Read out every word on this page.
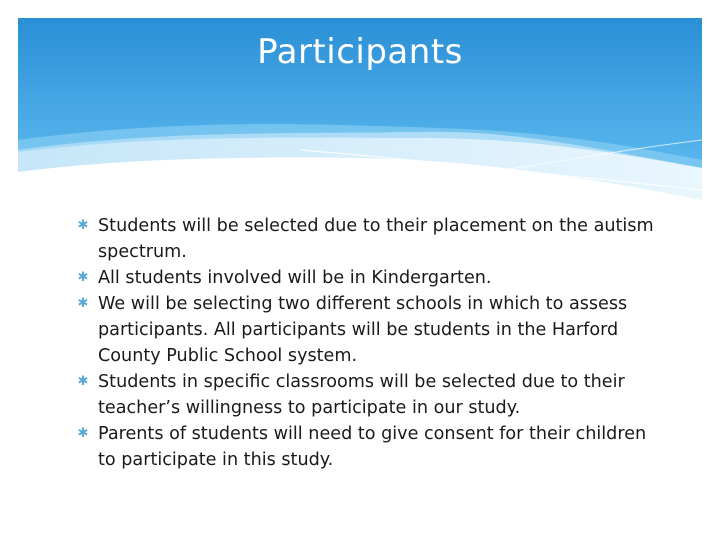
Participants
✱ Students will be selected due to their placement on the autism spectrum.
✱ All students involved will be in Kindergarten.
✱ We will be selecting two different schools in which to assess participants. All participants will be students in the Harford County Public School system.
✱ Students in specific classrooms will be selected due to their teacher’s willingness to participate in our study.
✱ Parents of students will need to give consent for their children to participate in this study.
